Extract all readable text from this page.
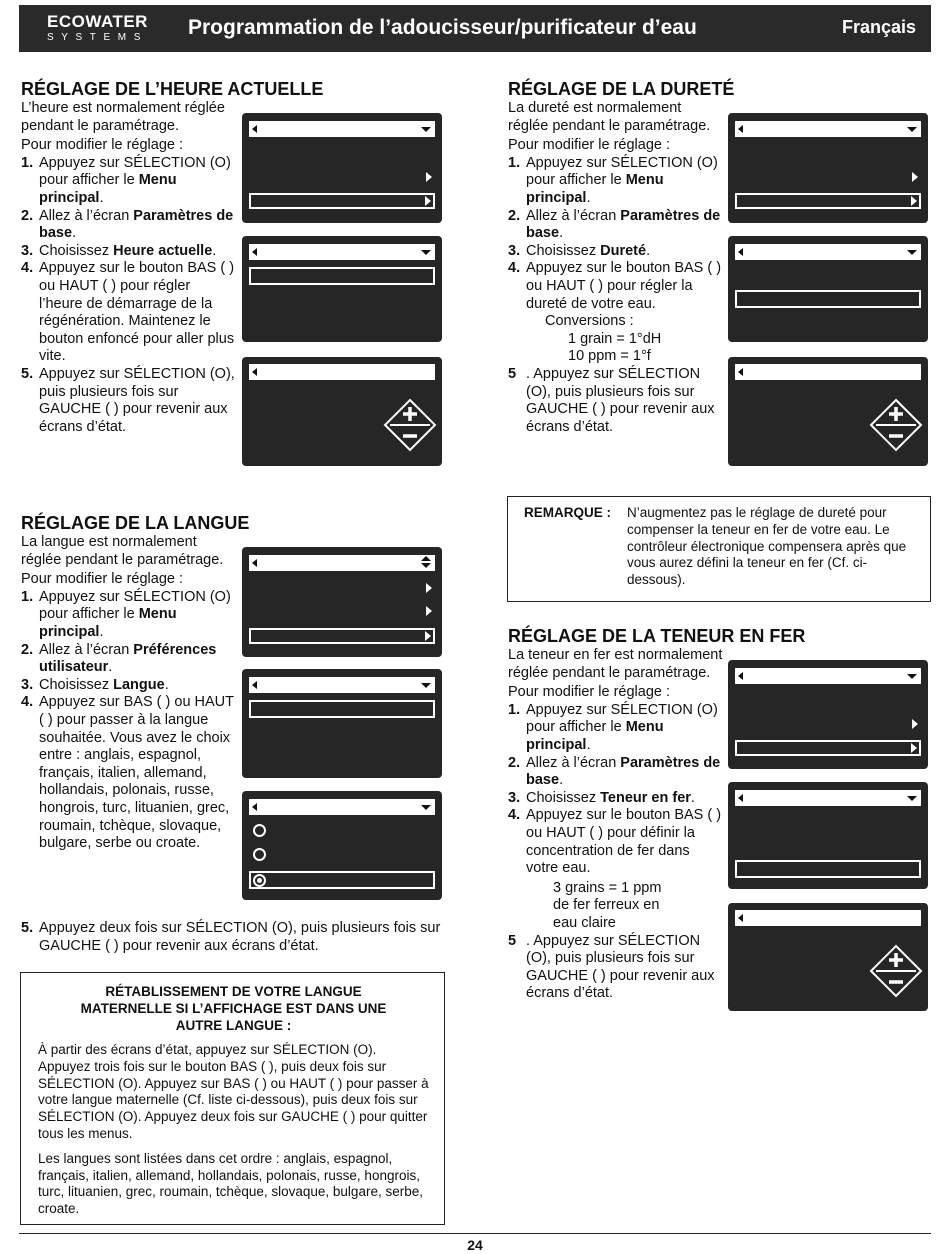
ECOWATER
SYSTEMS Programmation de l’adoucisseur/purificateur d’eau	Français
RÉGLAGE DE L’HEURE ACTUELLE

L’heure est normalement réglée pendant le paramétrage.

Pour modifier le réglage :

1. Appuyez sur SÉLECTION (O) pour afficher le Menu principal.
2. Allez à l’écran Paramètres de base.
3. Choisissez Heure actuelle.
4. Appuyez sur le bouton BAS ( ) ou HAUT ( ) pour régler l’heure de démarrage de la régénération. Maintenez le bouton enfoncé pour aller plus vite.
5. Appuyez sur SÉLECTION (O), puis plusieurs fois sur GAUCHE ( ) pour revenir aux écrans d’état.
RÉGLAGE DE LA LANGUE

La langue est normalement réglée pendant le paramétrage.

Pour modifier le réglage :

1. Appuyez sur SÉLECTION (O) pour afficher le Menu principal.
2. Allez à l’écran Préférences utilisateur.
3. Choisissez Langue.
4. Appuyez sur BAS ( ) ou HAUT ( ) pour passer à la langue souhaitée. Vous avez le choix entre : anglais, espagnol, français, italien, allemand, hollandais, polonais, russe, hongrois, turc, lituanien, grec, roumain, tchèque, slovaque, bulgare, serbe ou croate.
5. Appuyez deux fois sur SÉLECTION (O), puis plusieurs fois sur GAUCHE ( ) pour revenir aux écrans d’état.
RÉTABLISSEMENT DE VOTRE LANGUE MATERNELLE SI L’AFFICHAGE EST DANS UNE AUTRE LANGUE :
À partir des écrans d’état, appuyez sur SÉLECTION (O). Appuyez trois fois sur le bouton BAS ( ), puis deux fois sur SÉLECTION (O). Appuyez sur BAS ( ) ou HAUT ( ) pour passer à votre langue maternelle (Cf. liste ci-dessous), puis deux fois sur SÉLECTION (O). Appuyez deux fois sur GAUCHE ( ) pour quitter tous les menus.
Les langues sont listées dans cet ordre : anglais, espagnol, français, italien, allemand, hollandais, polonais, russe, hongrois, turc, lituanien, grec, roumain, tchèque, slovaque, bulgare, serbe, croate.
RÉGLAGE DE LA DURETÉ

La dureté est normalement réglée pendant le paramétrage.

Pour modifier le réglage :

1. Appuyez sur SÉLECTION (O) pour afficher le Menu principal.
2. Allez à l’écran Paramètres de base.
3. Choisissez Dureté.
4. Appuyez sur le bouton BAS ( ) ou HAUT ( ) pour régler la dureté de votre eau.
Conversions :
1 grain = 1°dH
10 ppm = 1°f
5 . Appuyez sur SÉLECTION (O), puis plusieurs fois sur GAUCHE ( ) pour revenir aux écrans d’état.
REMARQUE : N’augmentez pas le réglage de dureté pour compenser la teneur en fer de votre eau. Le contrôleur électronique compensera après que vous aurez défini la teneur en fer (Cf. ci-dessous).
RÉGLAGE DE LA TENEUR EN FER

La teneur en fer est normalement réglée pendant le paramétrage.

Pour modifier le réglage :

1. Appuyez sur SÉLECTION (O) pour afficher le Menu principal.
2. Allez à l’écran Paramètres de base.
3. Choisissez Teneur en fer.
4. Appuyez sur le bouton BAS ( ) ou HAUT ( ) pour définir la concentration de fer dans votre eau.
3 grains = 1 ppm
de fer ferreux en
eau claire
5 . Appuyez sur SÉLECTION (O), puis plusieurs fois sur GAUCHE ( ) pour revenir aux écrans d’état.
24
